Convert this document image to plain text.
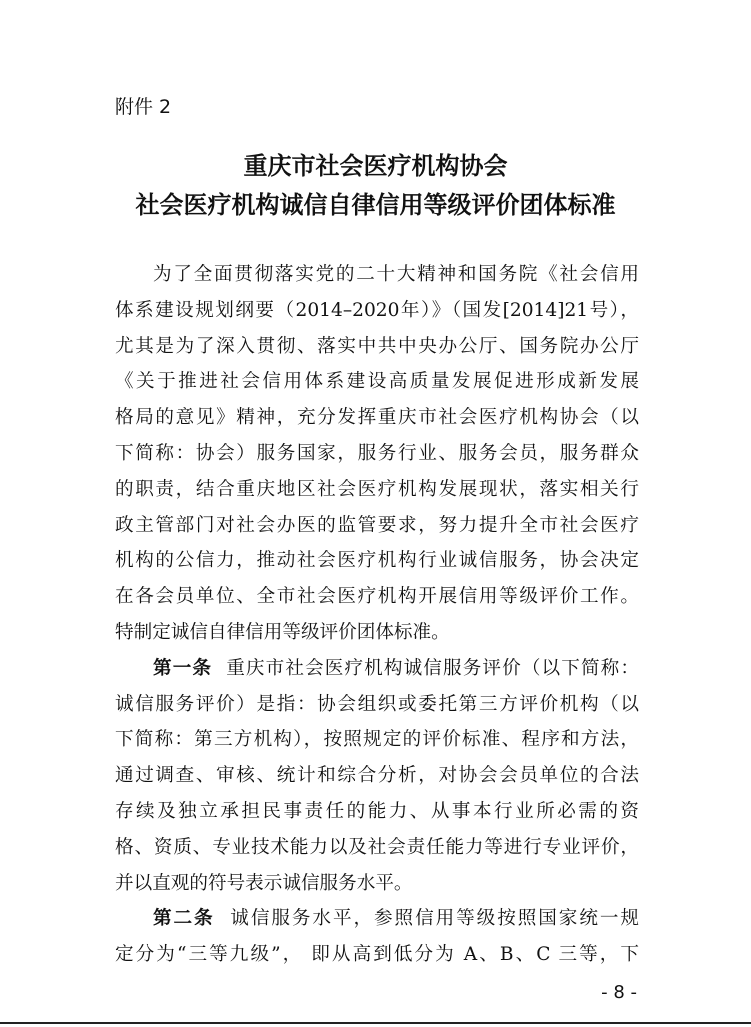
附件 2
重庆市社会医疗机构协会
社会医疗机构诚信自律信用等级评价团体标准
为了全面贯彻落实党的二十大精神和国务院《社会信用
体系建设规划纲要（2014–2020年）》（国发[2014]21号），
尤其是为了深入贯彻、落实中共中央办公厅、国务院办公厅
《关于推进社会信用体系建设高质量发展促进形成新发展
格局的意见》精神，充分发挥重庆市社会医疗机构协会（以
下简称：协会）服务国家，服务行业、服务会员，服务群众
的职责，结合重庆地区社会医疗机构发展现状，落实相关行
政主管部门对社会办医的监管要求，努力提升全市社会医疗
机构的公信力，推动社会医疗机构行业诚信服务，协会决定
在各会员单位、全市社会医疗机构开展信用等级评价工作。
特制定诚信自律信用等级评价团体标准。
第一条 重庆市社会医疗机构诚信服务评价（以下简称：
诚信服务评价）是指：协会组织或委托第三方评价机构（以
下简称：第三方机构），按照规定的评价标准、程序和方法，
通过调查、审核、统计和综合分析，对协会会员单位的合法
存续及独立承担民事责任的能力、从事本行业所必需的资
格、资质、专业技术能力以及社会责任能力等进行专业评价，
并以直观的符号表示诚信服务水平。
第二条 诚信服务水平，参照信用等级按照国家统一规
定分为“三等九级”， 即从高到低分为 A、B、C 三等，下
- 8 -
